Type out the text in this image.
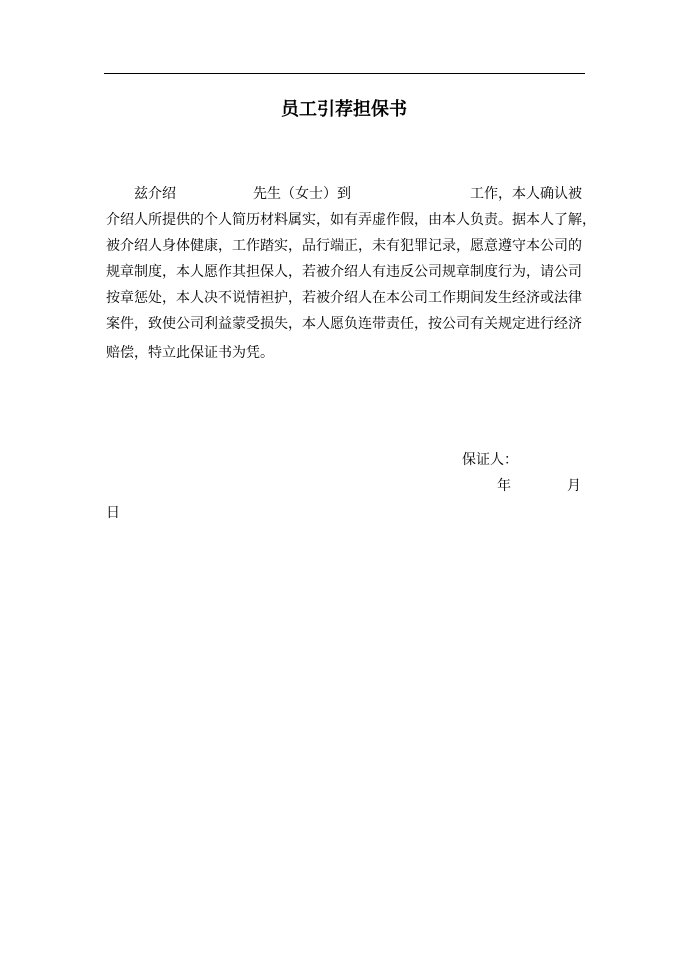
员工引荐担保书
兹介绍	先生（女士）到	工作，本人确认被
介绍人所提供的个人简历材料属实，如有弄虚作假，由本人负责。据本人了解，
被介绍人身体健康，工作踏实，品行端正，未有犯罪记录，愿意遵守本公司的
规章制度，本人愿作其担保人，若被介绍人有违反公司规章制度行为，请公司
按章惩处，本人决不说情袒护，若被介绍人在本公司工作期间发生经济或法律
案件，致使公司利益蒙受损失，本人愿负连带责任，按公司有关规定进行经济
赔偿，特立此保证书为凭。
保证人：
年	月
日
